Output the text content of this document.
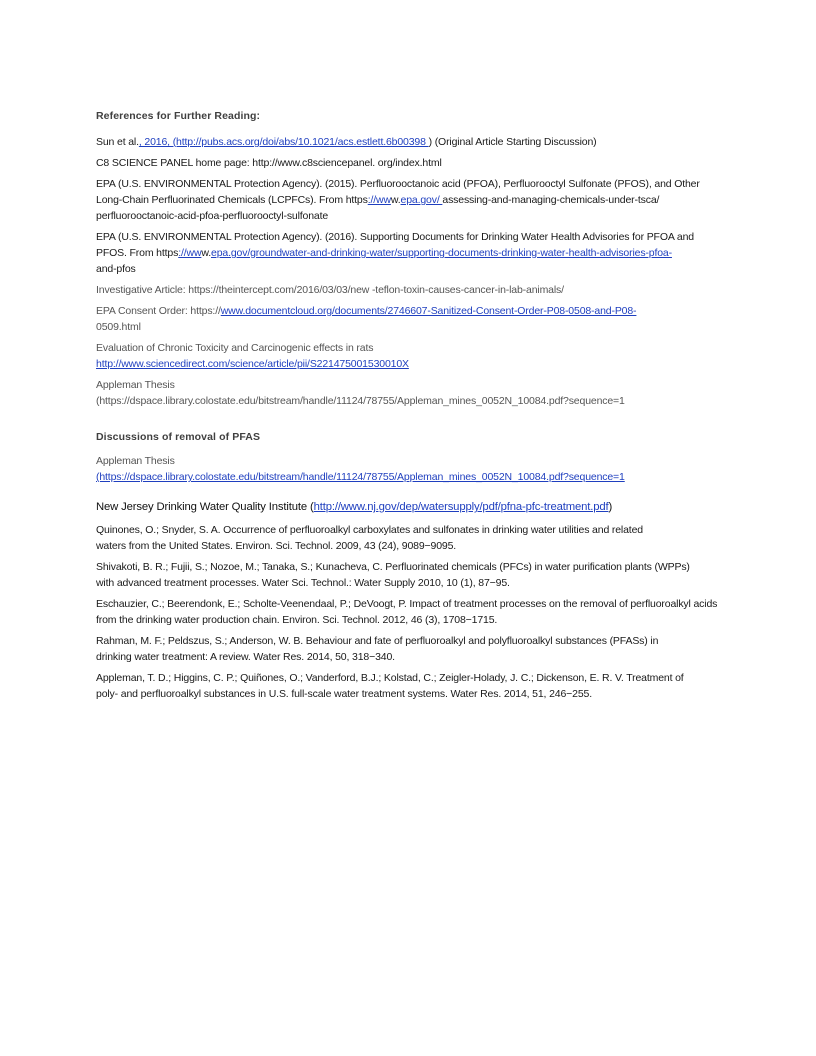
References for Further Reading:
Sun et al., 2016, (http://pubs.acs.org/doi/abs/10.1021/acs.estlett.6b00398 ) (Original Article Starting Discussion)
C8 SCIENCE PANEL home page: http://www.c8sciencepanel. org/index.html
EPA (U.S. ENVIRONMENTAL Protection Agency). (2015). Perfluorooctanoic acid (PFOA), Perfluorooctyl Sulfonate (PFOS), and Other
Long-Chain Perfluorinated Chemicals (LCPFCs). From https://www.epa.gov/ assessing-and-managing-chemicals-under-tsca/
perfluorooctanoic-acid-pfoa-perfluorooctyl-sulfonate
EPA (U.S. ENVIRONMENTAL Protection Agency). (2016). Supporting Documents for Drinking Water Health Advisories for PFOA and
PFOS. From https://www.epa.gov/groundwater-and-drinking-water/supporting-documents-drinking-water-health-advisories-pfoa-
and-pfos
Investigative Article: https://theintercept.com/2016/03/03/new -teflon-toxin-causes-cancer-in-lab-animals/
EPA Consent Order: https://www.documentcloud.org/documents/2746607-Sanitized-Consent-Order-P08-0508-and-P08-
0509.html
Evaluation of Chronic Toxicity and Carcinogenic effects in rats
http://www.sciencedirect.com/science/article/pii/S221475001530010X
Appleman Thesis
(https://dspace.library.colostate.edu/bitstream/handle/11124/78755/Appleman_mines_0052N_10084.pdf?sequence=1
Discussions of removal of PFAS
Appleman Thesis
(https://dspace.library.colostate.edu/bitstream/handle/11124/78755/Appleman_mines_0052N_10084.pdf?sequence=1
New Jersey Drinking Water Quality Institute (http://www.nj.gov/dep/watersupply/pdf/pfna-pfc-treatment.pdf)
Quinones, O.; Snyder, S. A. Occurrence of perfluoroalkyl carboxylates and sulfonates in drinking water utilities and related
waters from the United States. Environ. Sci. Technol. 2009, 43 (24), 9089−9095.
Shivakoti, B. R.; Fujii, S.; Nozoe, M.; Tanaka, S.; Kunacheva, C. Perfluorinated chemicals (PFCs) in water purification plants (WPPs)
with advanced treatment processes. Water Sci. Technol.: Water Supply 2010, 10 (1), 87−95.
Eschauzier, C.; Beerendonk, E.; Scholte-Veenendaal, P.; DeVoogt, P. Impact of treatment processes on the removal of perfluoroalkyl acids
from the drinking water production chain. Environ. Sci. Technol. 2012, 46 (3), 1708−1715.
Rahman, M. F.; Peldszus, S.; Anderson, W. B. Behaviour and fate of perfluoroalkyl and polyfluoroalkyl substances (PFASs) in
drinking water treatment: A review. Water Res. 2014, 50, 318−340.
Appleman, T. D.; Higgins, C. P.; Quiñones, O.; Vanderford, B.J.; Kolstad, C.; Zeigler-Holady, J. C.; Dickenson, E. R. V. Treatment of
poly- and perfluoroalkyl substances in U.S. full-scale water treatment systems. Water Res. 2014, 51, 246−255.
